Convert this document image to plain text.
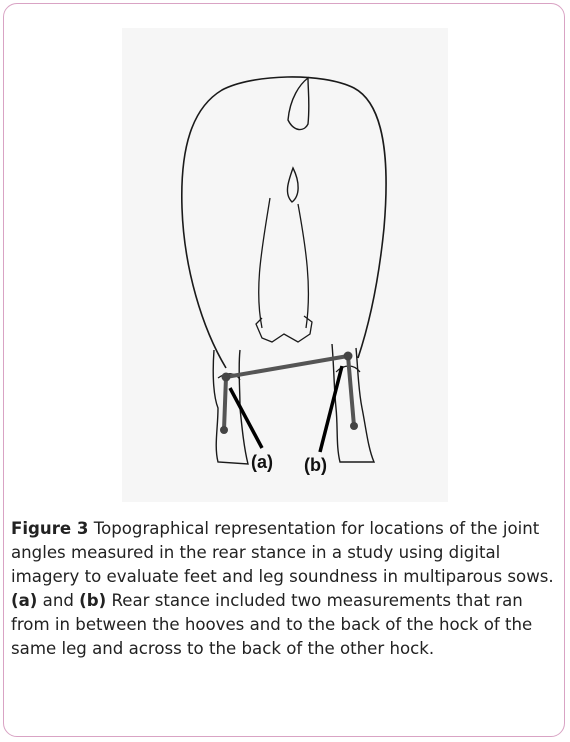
(a) (b)
Figure 3 Topographical representation for locations of the joint angles measured in the rear stance in a study using digital imagery to evaluate feet and leg soundness in multiparous sows. (a) and (b) Rear stance included two measurements that ran from in between the hooves and to the back of the hock of the same leg and across to the back of the other hock.
